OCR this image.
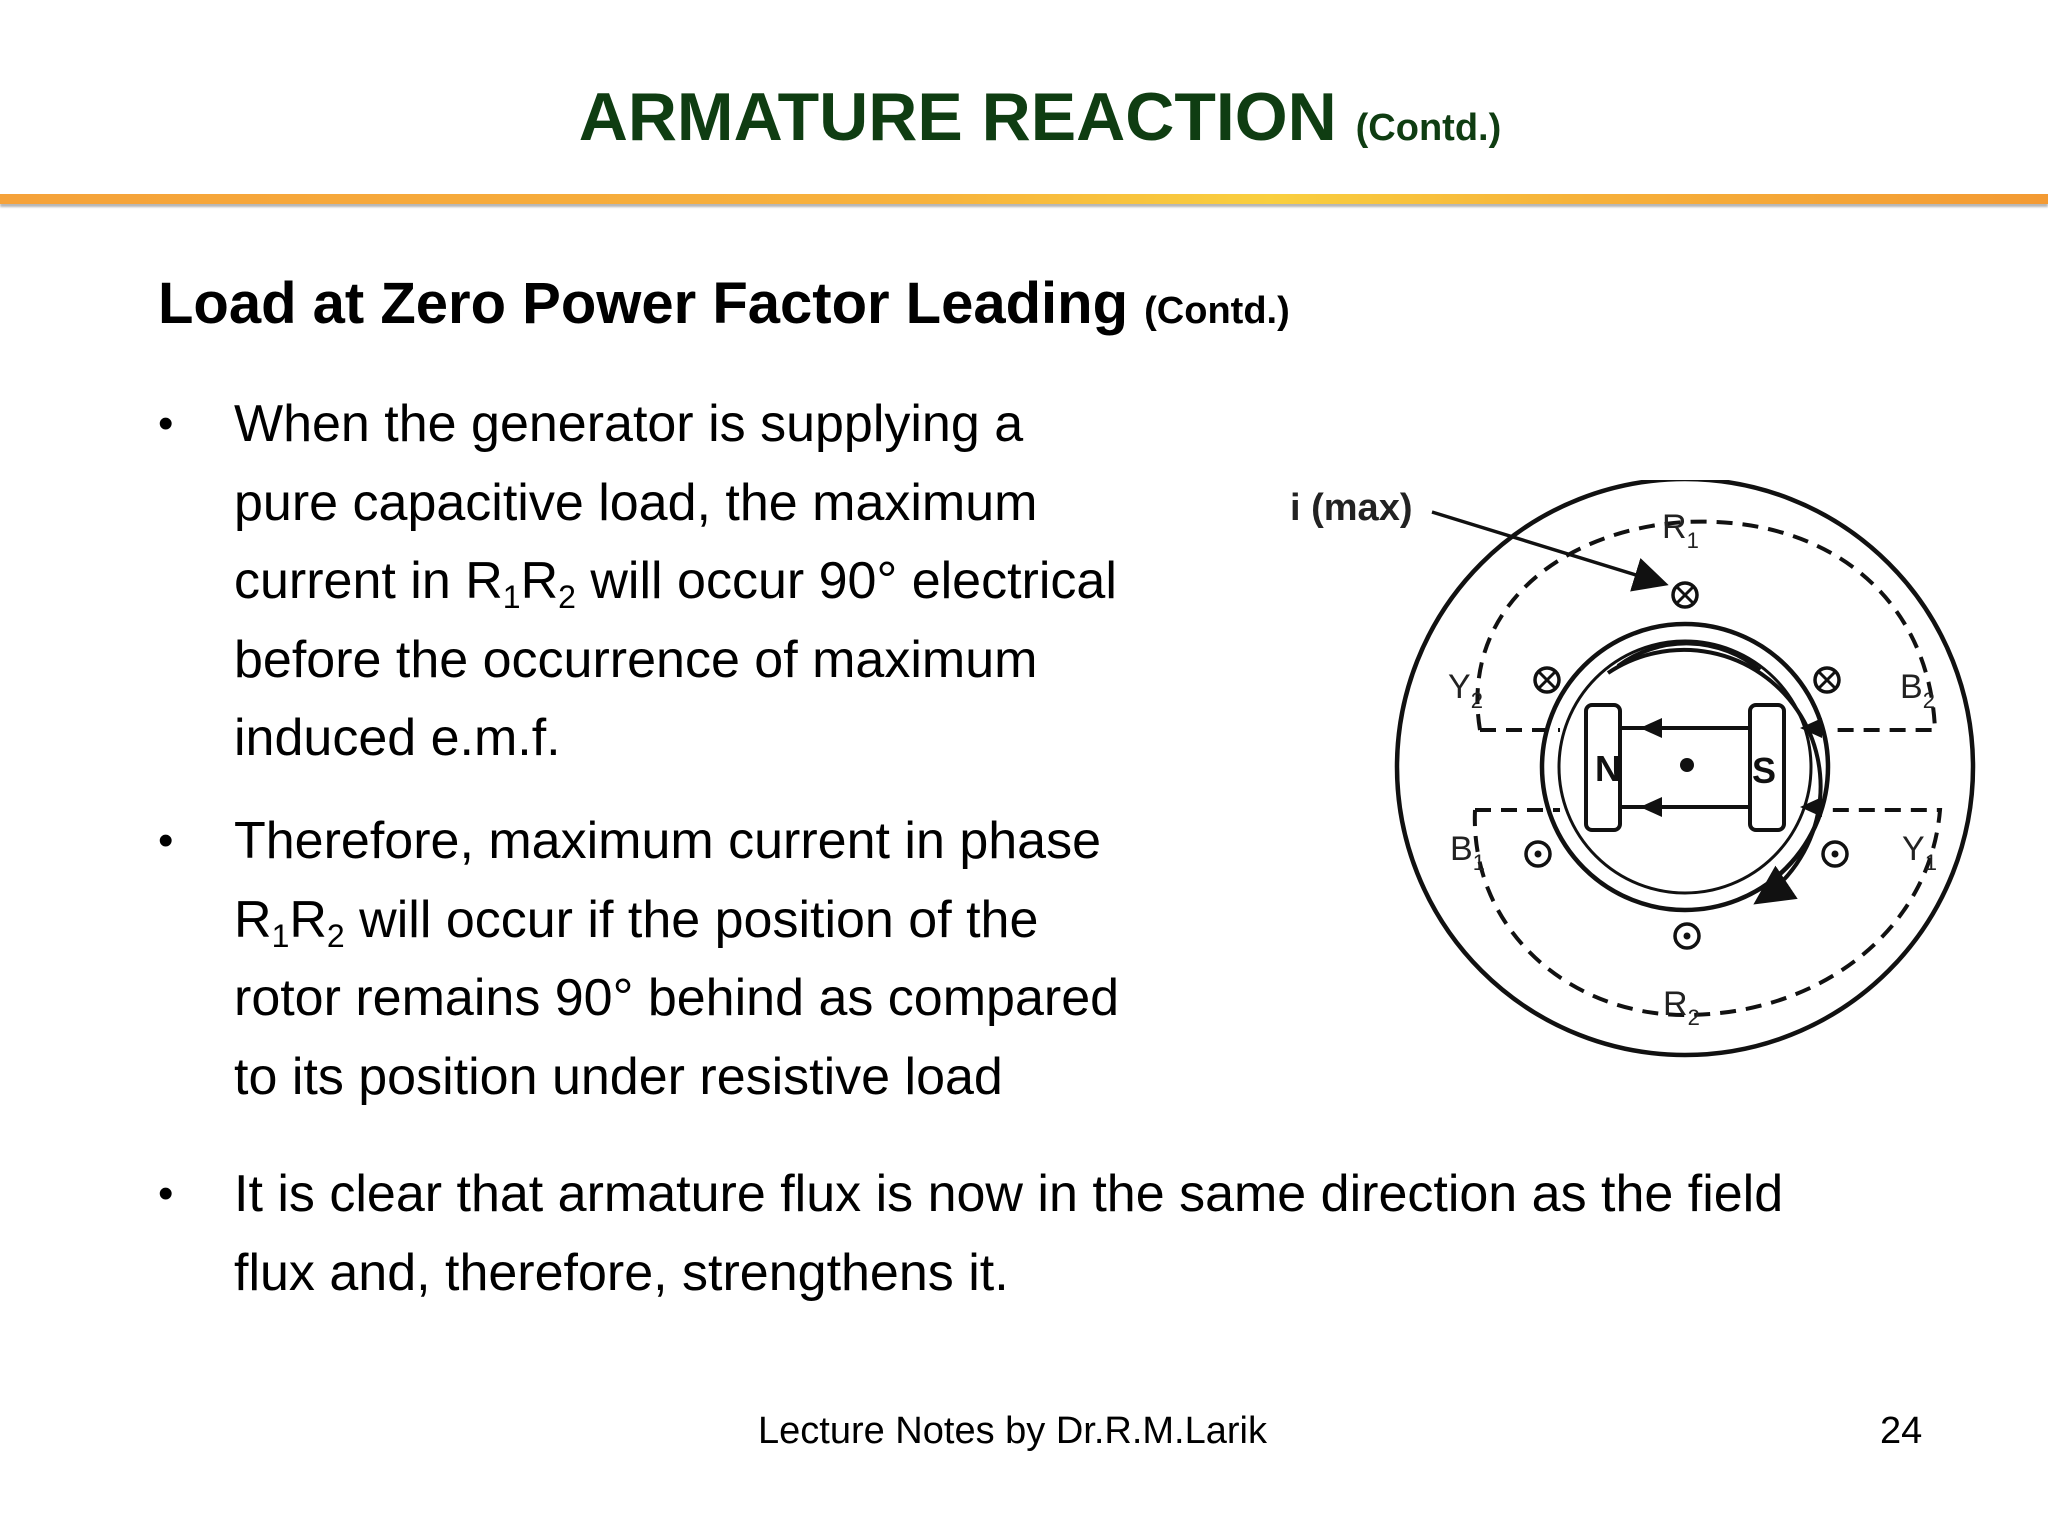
ARMATURE REACTION (Contd.)
Load at Zero Power Factor Leading (Contd.)
• When the generator is supplying a
pure capacitive load, the maximum
current in $R_1R_2$ will occur 90° electrical
before the occurrence of maximum
induced e.m.f.
• Therefore, maximum current in phase
$R_1R_2$ will occur if the position of the
rotor remains 90° behind as compared
to its position under resistive load
• It is clear that armature flux is now in the same direction as the field
flux and, therefore, strengthens it.
N	S
i (max)	$R_1$
$R_2$
$Y_2$	$B_2$
$B_1$	$Y_1$

Lecture Notes by Dr.R.M.Larik	24
